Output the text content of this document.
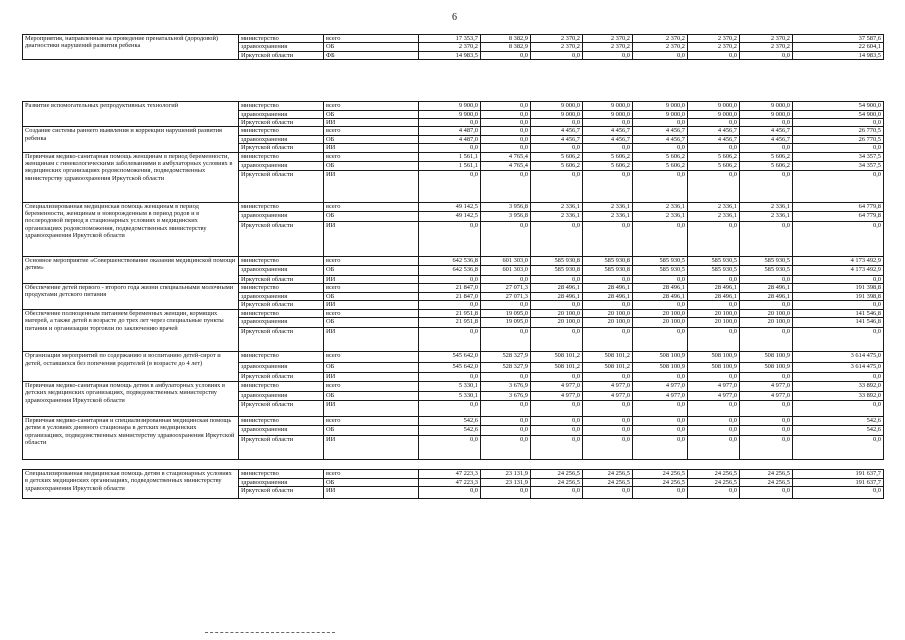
6
Мероприятия, направленные на проведение пренатальной (дородовой) диагностики нарушений развития ребенка	министерство	всего	17 353,7	8 382,9	2 370,2	2 370,2	2 370,2	2 370,2	2 370,2	37 587,6
	здравоохранения	ОБ	2 370,2	8 382,9	2 370,2	2 370,2	2 370,2	2 370,2	2 370,2	22 604,1
	Иркутской области	ФБ	14 983,5	0,0	0,0	0,0	0,0	0,0	0,0	14 983,5

Развитие вспомогательных репродуктивных технологий	министерство	всего	9 900,0	0,0	9 000,0	9 000,0	9 000,0	9 000,0	9 000,0	54 900,0
	здравоохранения	ОБ	9 900,0	0,0	9 000,0	9 000,0	9 000,0	9 000,0	9 000,0	54 900,0
	Иркутской области	ИИ	0,0	0,0	0,0	0,0	0,0	0,0	0,0	0,0
Создание системы раннего выявления и коррекции нарушений развития ребенка	министерство	всего	4 487,0	0,0	4 456,7	4 456,7	4 456,7	4 456,7	4 456,7	26 770,5
	здравоохранения	ОБ	4 487,0	0,0	4 456,7	4 456,7	4 456,7	4 456,7	4 456,7	26 770,5
	Иркутской области	ИИ	0,0	0,0	0,0	0,0	0,0	0,0	0,0	0,0
Первичная медико-санитарная помощь женщинам в период беременности, женщинам с гинекологическими заболеваниями в амбулаторных условиях в медицинских организациях родовспоможения, подведомственных министерству здравоохранения Иркутской области	министерство	всего	1 561,1	4 765,4	5 606,2	5 606,2	5 606,2	5 606,2	5 606,2	34 357,5
	здравоохранения	ОБ	1 561,1	4 765,4	5 606,2	5 606,2	5 606,2	5 606,2	5 606,2	34 357,5
	Иркутской области	ИИ	0,0	0,0	0,0	0,0	0,0	0,0	0,0	0,0
Специализированная медицинская помощь женщинам в период беременности, женщинам и новорожденным в период родов и в послеродовой период в стационарных условиях в медицинских организациях родовспоможения, подведомственных министерству здравоохранения Иркутской области	министерство	всего	49 142,5	3 956,8	2 336,1	2 336,1	2 336,1	2 336,1	2 336,1	64 779,8
	здравоохранения	ОБ	49 142,5	3 956,8	2 336,1	2 336,1	2 336,1	2 336,1	2 336,1	64 779,8
	Иркутской области	ИИ	0,0	0,0	0,0	0,0	0,0	0,0	0,0	0,0
Основное мероприятие «Совершенствование оказания медицинской помощи детям»	министерство	всего	642 536,8	601 303,0	585 930,8	585 930,8	585 930,5	585 930,5	585 930,5	4 173 492,9
	здравоохранения	ОБ	642 536,8	601 303,0	585 930,8	585 930,8	585 930,5	585 930,5	585 930,5	4 173 492,9
	Иркутской области	ИИ	0,0	0,0	0,0	0,0	0,0	0,0	0,0	0,0
Обеспечение детей первого - второго года жизни специальными молочными продуктами детского питания	министерство	всего	21 847,0	27 071,3	28 496,1	28 496,1	28 496,1	28 496,1	28 496,1	191 398,8
	здравоохранения	ОБ	21 847,0	27 071,3	28 496,1	28 496,1	28 496,1	28 496,1	28 496,1	191 398,8
	Иркутской области	ИИ	0,0	0,0	0,0	0,0	0,0	0,0	0,0	0,0
Обеспечение полноценным питанием беременных женщин, кормящих матерей, а также детей в возрасте до трех лет через специальные пункты питания и организации торговли по заключению врачей	министерство	всего	21 951,8	19 095,0	20 100,0	20 100,0	20 100,0	20 100,0	20 100,0	141 546,8
	здравоохранения	ОБ	21 951,8	19 095,0	20 100,0	20 100,0	20 100,0	20 100,0	20 100,0	141 546,8
	Иркутской области	ИИ	0,0	0,0	0,0	0,0	0,0	0,0	0,0	0,0
Организация мероприятий по содержанию и воспитанию детей-сирот и детей, оставшихся без попечения родителей (в возрасте до 4 лет)	министерство	всего	545 642,0	528 327,9	508 101,2	508 101,2	508 100,9	508 100,9	508 100,9	3 614 475,0
	здравоохранения	ОБ	545 642,0	528 327,9	508 101,2	508 101,2	508 100,9	508 100,9	508 100,9	3 614 475,0
	Иркутской области	ИИ	0,0	0,0	0,0	0,0	0,0	0,0	0,0	0,0
Первичная медико-санитарная помощь детям в амбулаторных условиях в детских медицинских организациях, подведомственных министерству здравоохранения Иркутской области	министерство	всего	5 330,1	3 676,9	4 977,0	4 977,0	4 977,0	4 977,0	4 977,0	33 892,0
	здравоохранения	ОБ	5 330,1	3 676,9	4 977,0	4 977,0	4 977,0	4 977,0	4 977,0	33 892,0
	Иркутской области	ИИ	0,0	0,0	0,0	0,0	0,0	0,0	0,0	0,0
Первичная медико-санитарная и специализированная медицинская помощь детям в условиях дневного стационара в детских медицинских организациях, подведомственных министерству здравоохранения Иркутской области	министерство	всего	542,6	0,0	0,0	0,0	0,0	0,0	0,0	542,6
	здравоохранения	ОБ	542,6	0,0	0,0	0,0	0,0	0,0	0,0	542,6
	Иркутской области	ИИ	0,0	0,0	0,0	0,0	0,0	0,0	0,0	0,0

Специализированная медицинская помощь детям в стационарных условиях в детских медицинских организациях, подведомственных министерству здравоохранения Иркутской области	министерство	всего	47 223,3	23 131,9	24 256,5	24 256,5	24 256,5	24 256,5	24 256,5	191 637,7
	здравоохранения	ОБ	47 223,3	23 131,9	24 256,5	24 256,5	24 256,5	24 256,5	24 256,5	191 637,7
	Иркутской области	ИИ	0,0	0,0	0,0	0,0	0,0	0,0	0,0	0,0
